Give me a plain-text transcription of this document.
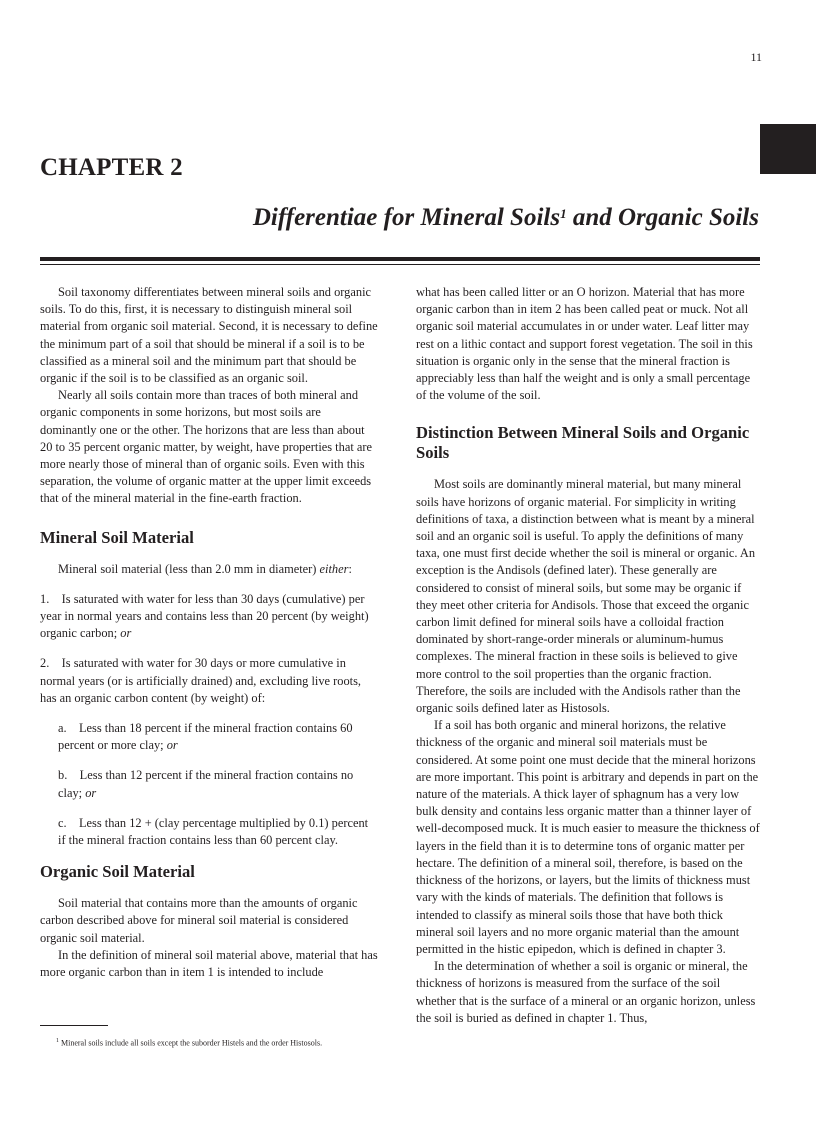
11
CHAPTER 2
Differentiae for Mineral Soils$^1$ and Organic Soils

Soil taxonomy differentiates between mineral soils and organic soils. To do this, first, it is necessary to distinguish mineral soil material from organic soil material. Second, it is necessary to define the minimum part of a soil that should be mineral if a soil is to be classified as a mineral soil and the minimum part that should be organic if the soil is to be classified as an organic soil.

Nearly all soils contain more than traces of both mineral and organic components in some horizons, but most soils are dominantly one or the other. The horizons that are less than about 20 to 35 percent organic matter, by weight, have properties that are more nearly those of mineral than of organic soils. Even with this separation, the volume of organic matter at the upper limit exceeds that of the mineral material in the fine-earth fraction.

Mineral Soil Material

Mineral soil material (less than 2.0 mm in diameter) either:

1.    Is saturated with water for less than 30 days (cumulative) per year in normal years and contains less than 20 percent (by weight) organic carbon; or

2.    Is saturated with water for 30 days or more cumulative in normal years (or is artificially drained) and, excluding live roots, has an organic carbon content (by weight) of:

a.    Less than 18 percent if the mineral fraction contains 60 percent or more clay; or

b.    Less than 12 percent if the mineral fraction contains no clay; or

c.    Less than 12 + (clay percentage multiplied by 0.1) percent if the mineral fraction contains less than 60 percent clay.

Organic Soil Material

Soil material that contains more than the amounts of organic carbon described above for mineral soil material is considered organic soil material.

In the definition of mineral soil material above, material that has more organic carbon than in item 1 is intended to include

what has been called litter or an O horizon. Material that has more organic carbon than in item 2 has been called peat or muck. Not all organic soil material accumulates in or under water. Leaf litter may rest on a lithic contact and support forest vegetation. The soil in this situation is organic only in the sense that the mineral fraction is appreciably less than half the weight and is only a small percentage of the volume of the soil.

Distinction Between Mineral Soils and Organic Soils

Most soils are dominantly mineral material, but many mineral soils have horizons of organic material. For simplicity in writing definitions of taxa, a distinction between what is meant by a mineral soil and an organic soil is useful. To apply the definitions of many taxa, one must first decide whether the soil is mineral or organic. An exception is the Andisols (defined later). These generally are considered to consist of mineral soils, but some may be organic if they meet other criteria for Andisols. Those that exceed the organic carbon limit defined for mineral soils have a colloidal fraction dominated by short-range-order minerals or aluminum-humus complexes. The mineral fraction in these soils is believed to give more control to the soil properties than the organic fraction. Therefore, the soils are included with the Andisols rather than the organic soils defined later as Histosols.

If a soil has both organic and mineral horizons, the relative thickness of the organic and mineral soil materials must be considered. At some point one must decide that the mineral horizons are more important. This point is arbitrary and depends in part on the nature of the materials. A thick layer of sphagnum has a very low bulk density and contains less organic matter than a thinner layer of well-decomposed muck. It is much easier to measure the thickness of layers in the field than it is to determine tons of organic matter per hectare. The definition of a mineral soil, therefore, is based on the thickness of the horizons, or layers, but the limits of thickness must vary with the kinds of materials. The definition that follows is intended to classify as mineral soils those that have both thick mineral soil layers and no more organic material than the amount permitted in the histic epipedon, which is defined in chapter 3.

In the determination of whether a soil is organic or mineral, the thickness of horizons is measured from the surface of the soil whether that is the surface of a mineral or an organic horizon, unless the soil is buried as defined in chapter 1. Thus,

$^1$ Mineral soils include all soils except the suborder Histels and the order Histosols.
